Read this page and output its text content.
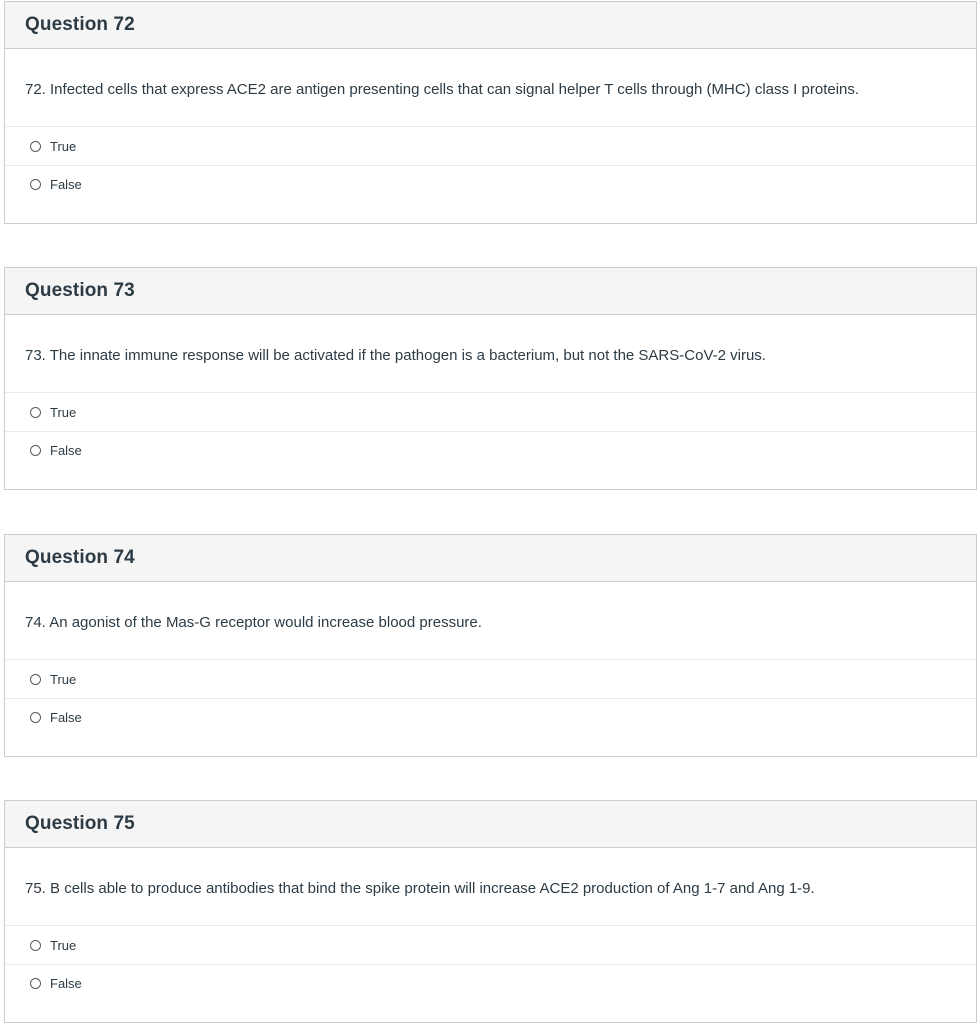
Question 72
72. Infected cells that express ACE2 are antigen presenting cells that can signal helper T cells through (MHC) class I proteins.
True
False
Question 73
73. The innate immune response will be activated if the pathogen is a bacterium, but not the SARS-CoV-2 virus.
True
False
Question 74
74. An agonist of the Mas-G receptor would increase blood pressure.
True
False
Question 75
75. B cells able to produce antibodies that bind the spike protein will increase ACE2 production of Ang 1-7 and Ang 1-9.
True
False
